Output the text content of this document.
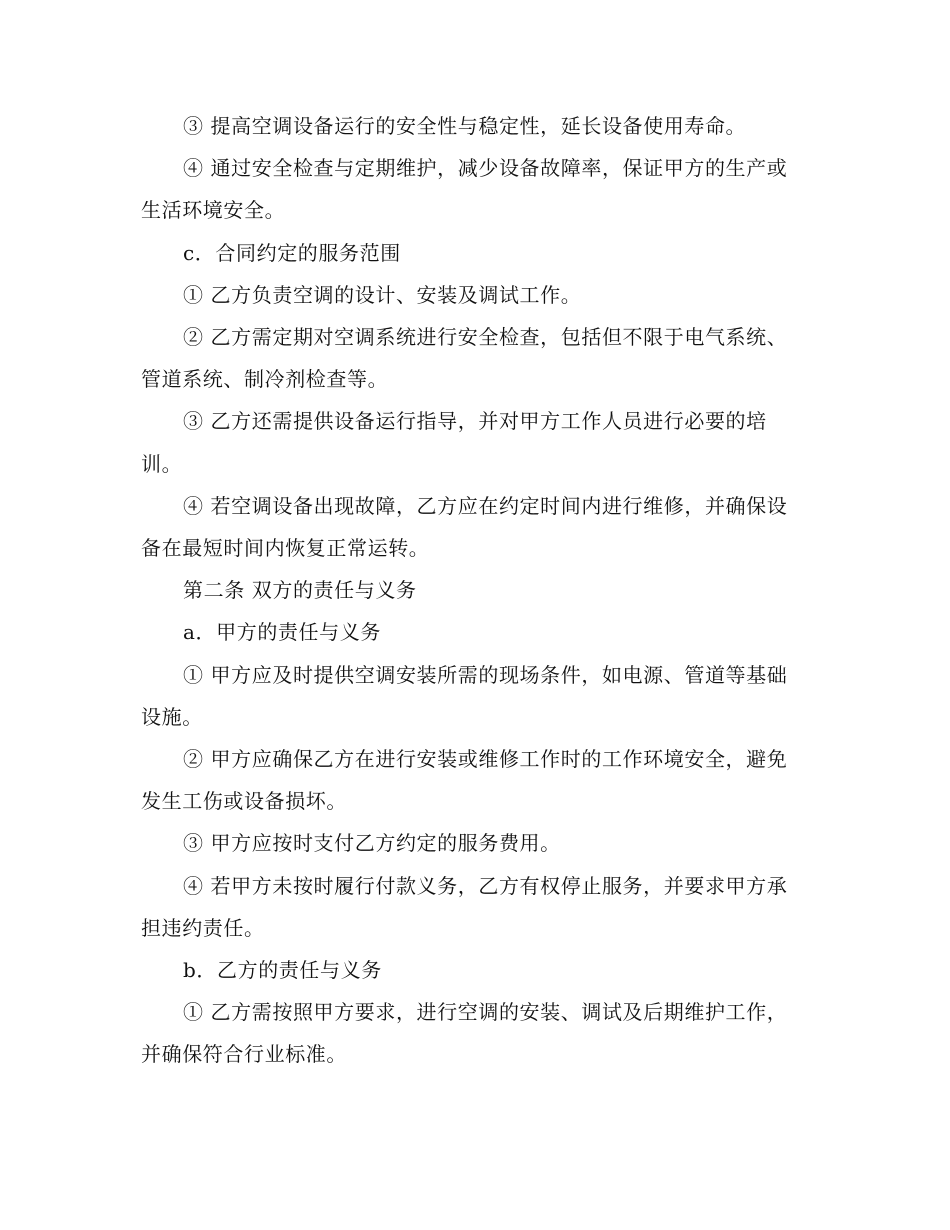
③ 提高空调设备运行的安全性与稳定性，延长设备使用寿命。

④ 通过安全检查与定期维护，减少设备故障率，保证甲方的生产或生活环境安全。

c．合同约定的服务范围

① 乙方负责空调的设计、安装及调试工作。

② 乙方需定期对空调系统进行安全检查，包括但不限于电气系统、管道系统、制冷剂检查等。

③ 乙方还需提供设备运行指导，并对甲方工作人员进行必要的培训。

④ 若空调设备出现故障，乙方应在约定时间内进行维修，并确保设备在最短时间内恢复正常运转。

第二条 双方的责任与义务

a．甲方的责任与义务

① 甲方应及时提供空调安装所需的现场条件，如电源、管道等基础设施。

② 甲方应确保乙方在进行安装或维修工作时的工作环境安全，避免发生工伤或设备损坏。

③ 甲方应按时支付乙方约定的服务费用。

④ 若甲方未按时履行付款义务，乙方有权停止服务，并要求甲方承担违约责任。

b．乙方的责任与义务

① 乙方需按照甲方要求，进行空调的安装、调试及后期维护工作，并确保符合行业标准。
